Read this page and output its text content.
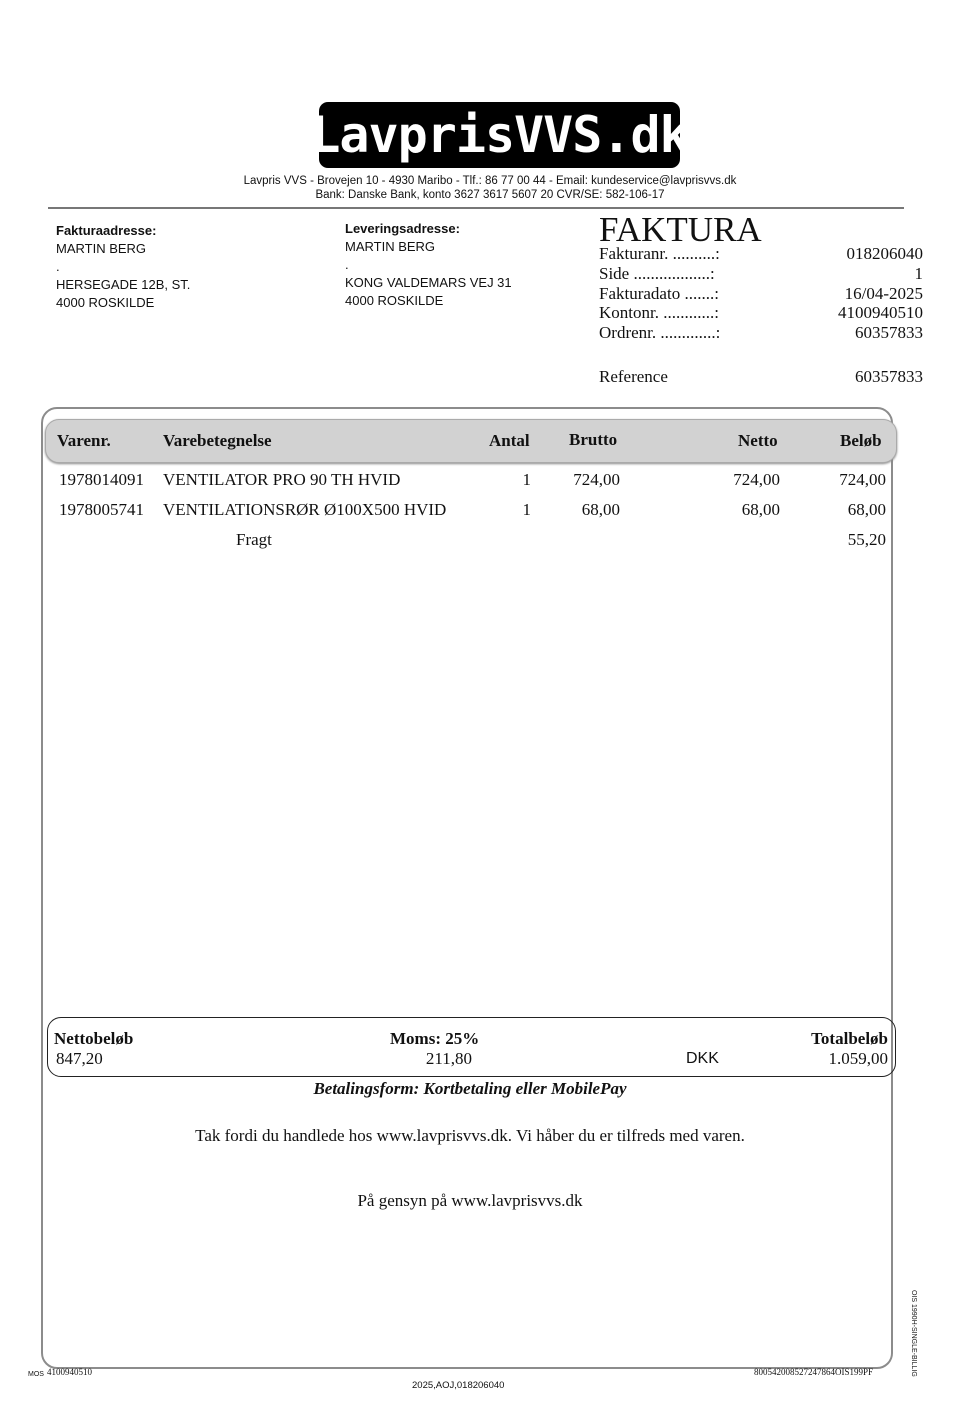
LavprisVVS.dk
Lavpris VVS - Brovejen 10 - 4930 Maribo - Tlf.: 86 77 00 44 - Email: kundeservice@lavprisvvs.dk
Bank: Danske Bank, konto 3627 3617 5607 20 CVR/SE: 582-106-17
Fakturaadresse:
MARTIN BERG
.
HERSEGADE 12B, ST.
4000 ROSKILDE
Leveringsadresse:
MARTIN BERG
.
KONG VALDEMARS VEJ 31
4000 ROSKILDE
FAKTURA
Fakturanr. ..........:	018206040
Side ..................:	1
Fakturadato .......:	16/04-2025
Kontonr. ............:	4100940510
Ordrenr. .............:	60357833
Reference	60357833
Varenr.	Varebetegnelse	Antal Brutto	Netto	Beløb
1978014091 VENTILATOR PRO 90 TH HVID	1	724,00	724,00	724,00
1978005741 VENTILATIONSRØR Ø100X500 HVID	1	68,00	68,00	68,00
Fragt	55,20
Nettobeløb
847,20
Moms: 25%
211,80	DKK
Totalbeløb
1.059,00
Betalingsform: Kortbetaling eller MobilePay
Tak fordi du handlede hos www.lavprisvvs.dk. Vi håber du er tilfreds med varen.
På gensyn på www.lavprisvvs.dk
OIS 1990H-SINGLE-BILLIG
MOS 4100940510	800542008527247864OIS199PF
2025,AOJ,018206040
